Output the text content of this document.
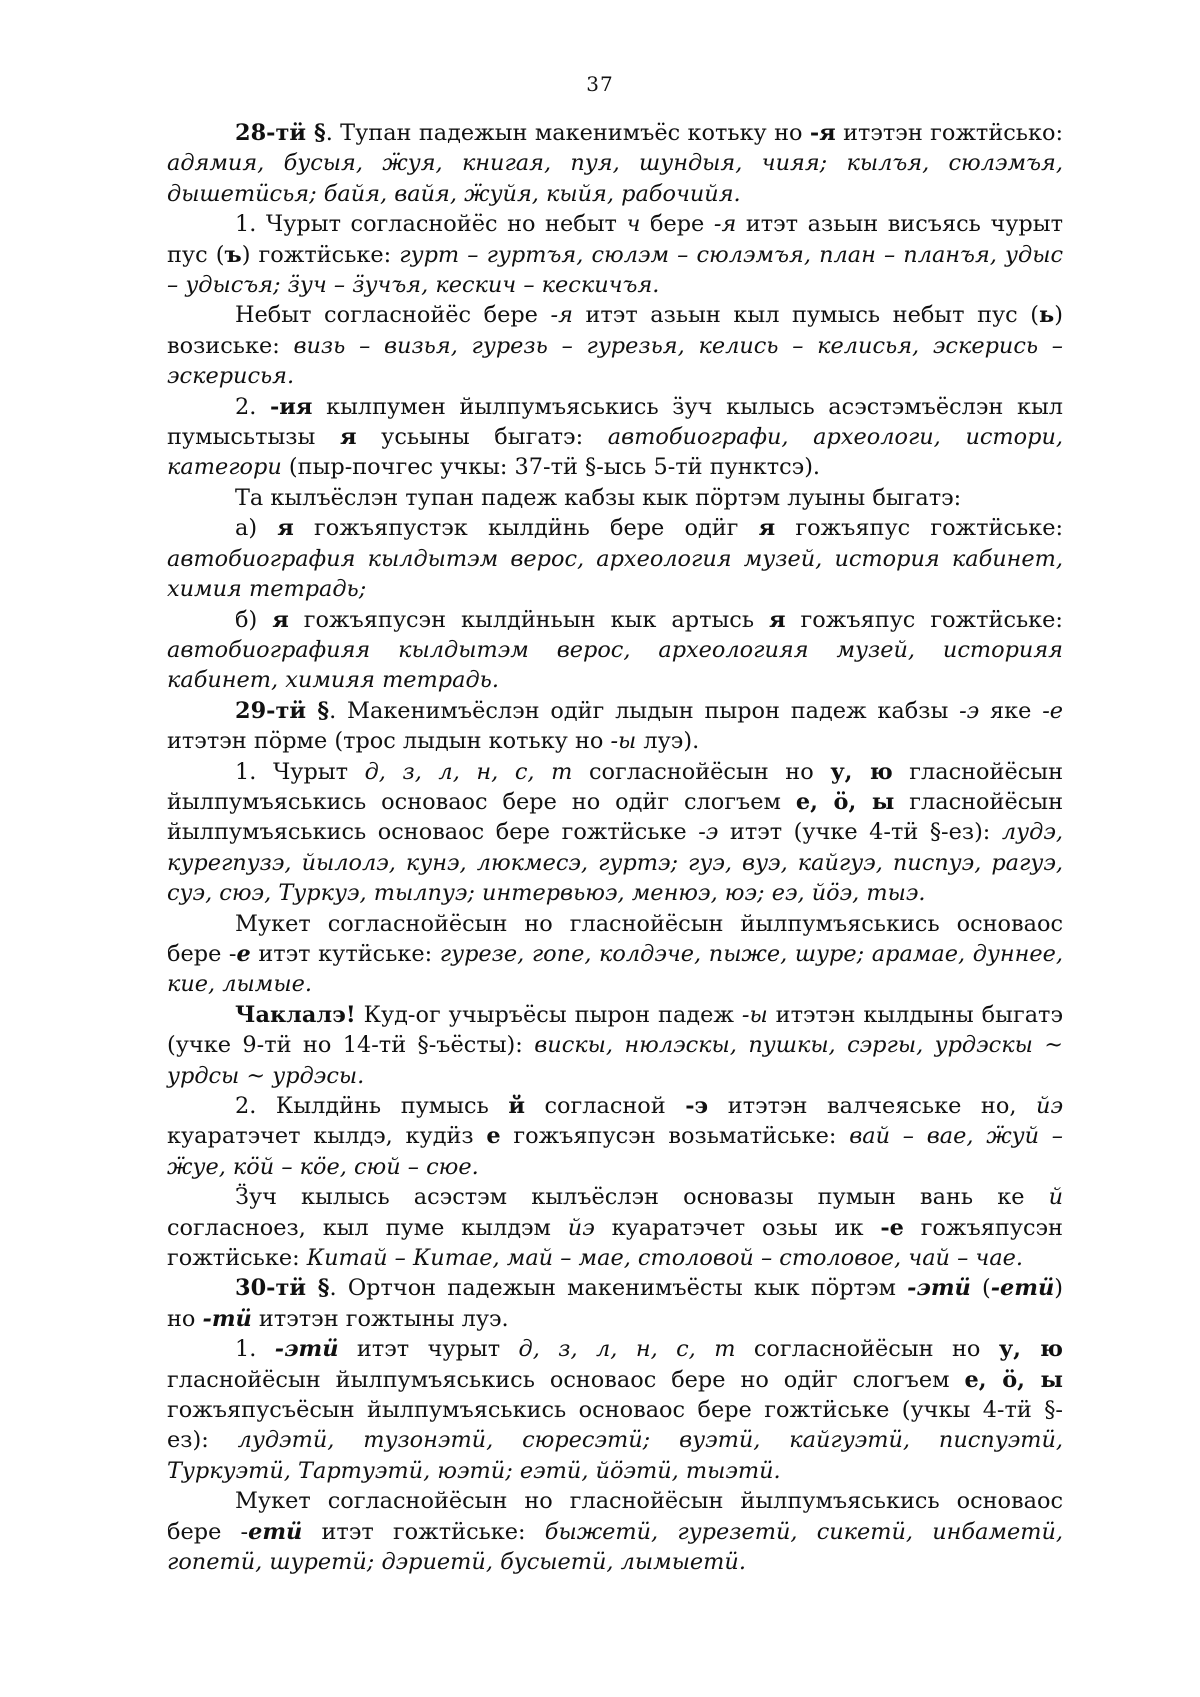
37

28-тӥ §. Тупан падежын макенимъёс котьку но -я итэтэн гожтӥсько: адямия, бусыя, ӝуя, книгая, пуя, шундыя, чияя; кылъя, сюлэмъя, дышетӥсья; байя, вайя, ӝуйя, кыйя, рабочийя.

1. Чурыт согласнойёс но небыт ч бере -я итэт азьын висъясь чурыт пус (ъ) гожтӥське: гурт – гуртъя, сюлэм – сюлэмъя, план – планъя, удыс – удысъя; ӟуч – ӟучъя, кескич – кескичъя.

Небыт согласнойёс бере -я итэт азьын кыл пумысь небыт пус (ь) возиське: визь – визья, гурезь – гурезья, келись – келисья, эскерись – эскерисья.

2. -ия кылпумен йылпумъяськись ӟуч кылысь асэстэмъёслэн кыл пумысьтызы я усьыны быгатэ: автобиографи, археологи, истори, категори (пыр-почгес учкы: 37-тӥ §-ысь 5-тӥ пунктсэ).

Та кылъёслэн тупан падеж кабзы кык пӧртэм луыны быгатэ:

а) я гожъяпустэк кылдӥнь бере одӥг я гожъяпус гожтӥське: автобиография кылдытэм верос, археология музей, история кабинет, химия тетрадь;

б) я гожъяпусэн кылдӥньын кык артысь я гожъяпус гожтӥське: автобиографияя кылдытэм верос, археологияя музей, историяя кабинет, химияя тетрадь.

29-тӥ §. Макенимъёслэн одӥг лыдын пырон падеж кабзы -э яке -е итэтэн пӧрме (трос лыдын котьку но -ы луэ).

1. Чурыт д, з, л, н, с, т согласнойёсын но у, ю гласнойёсын йылпумъяськись основаос бере но одӥг слогъем е, ӧ, ы гласнойёсын йылпумъяськись основаос бере гожтӥське -э итэт (учке 4-тӥ §-ез): лудэ, курегпузэ, йылолэ, кунэ, люкмесэ, гуртэ; гуэ, вуэ, кайгуэ, писпуэ, рагуэ, суэ, сюэ, Туркуэ, тылпуэ; интервьюэ, менюэ, юэ; еэ, йӧэ, тыэ.

Мукет согласнойёсын но гласнойёсын йылпумъяськись основаос бере -е итэт кутӥське: гурезе, гопе, колдэче, пыже, шуре; арамае, дуннее, кие, лымые.

Чаклалэ! Куд-ог учыръёсы пырон падеж -ы итэтэн кылдыны быгатэ (учке 9-тӥ но 14-тӥ §-ъёсты): вискы, нюлэскы, пушкы, сэргы, урдэскы ~ урдсы ~ урдэсы.

2. Кылдӥнь пумысь й согласной -э итэтэн валчеяське но, йэ куаратэчет кылдэ, кудӥз е гожъяпусэн возьматӥське: вай – вае, ӝуй – ӝуе, кӧй – кӧе, сюй – сюе.

Ӟуч кылысь асэстэм кылъёслэн основазы пумын вань ке й согласноез, кыл пуме кылдэм йэ куаратэчет озьы ик -е гожъяпусэн гожтӥське: Китай – Китае, май – мае, столовой – столовое, чай – чае.

30-тӥ §. Ортчон падежын макенимъёсты кык пӧртэм -этӥ (-етӥ) но -тӥ итэтэн гожтыны луэ.

1. -этӥ итэт чурыт д, з, л, н, с, т согласнойёсын но у, ю гласнойёсын йылпумъяськись основаос бере но одӥг слогъем е, ӧ, ы гожъяпусъёсын йылпумъяськись основаос бере гожтӥське (учкы 4-тӥ §-ез): лудэтӥ, тузонэтӥ, сюресэтӥ; вуэтӥ, кайгуэтӥ, писпуэтӥ, Туркуэтӥ, Тартуэтӥ, юэтӥ; еэтӥ, йӧэтӥ, тыэтӥ.

Мукет согласнойёсын но гласнойёсын йылпумъяськись основаос бере -етӥ итэт гожтӥське: быжетӥ, гурезетӥ, сикетӥ, инбаметӥ, гопетӥ, шуретӥ; дэриетӥ, бусыетӥ, лымыетӥ.
